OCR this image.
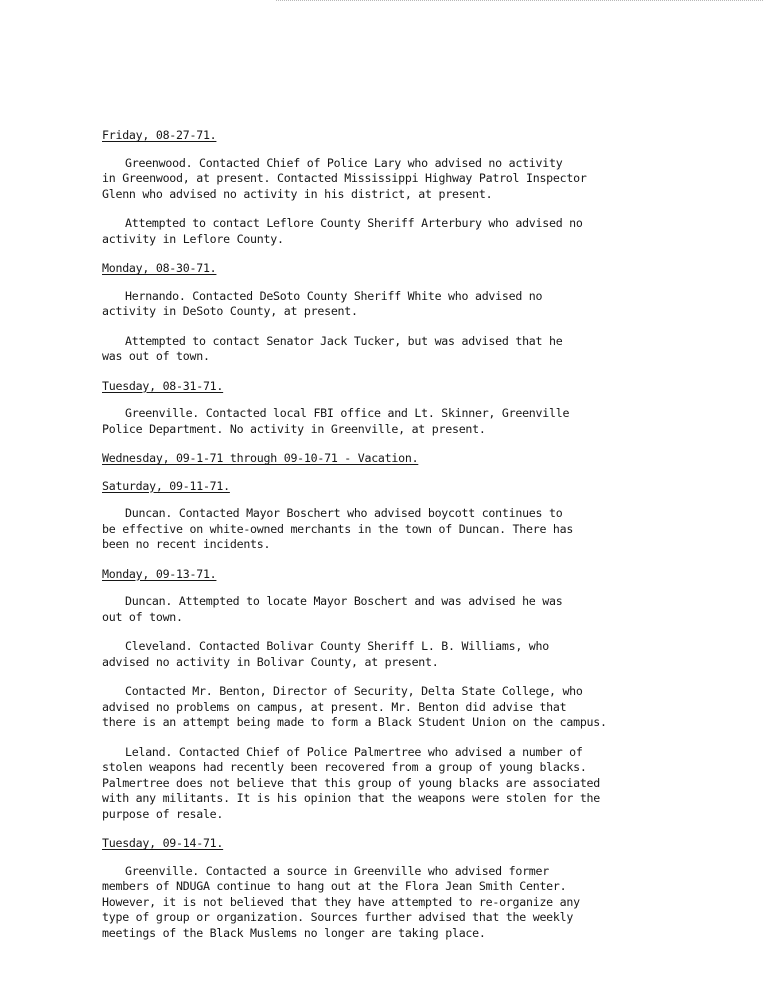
Friday, 08-27-71.

Greenwood. Contacted Chief of Police Lary who advised no activity
in Greenwood, at present. Contacted Mississippi Highway Patrol Inspector
Glenn who advised no activity in his district, at present.

Attempted to contact Leflore County Sheriff Arterbury who advised no
activity in Leflore County.

Monday, 08-30-71.

Hernando. Contacted DeSoto County Sheriff White who advised no
activity in DeSoto County, at present.

Attempted to contact Senator Jack Tucker, but was advised that he
was out of town.

Tuesday, 08-31-71.

Greenville. Contacted local FBI office and Lt. Skinner, Greenville
Police Department. No activity in Greenville, at present.

Wednesday, 09-1-71 through 09-10-71 - Vacation.
Saturday, 09-11-71.

Duncan. Contacted Mayor Boschert who advised boycott continues to
be effective on white-owned merchants in the town of Duncan. There has
been no recent incidents.

Monday, 09-13-71.

Duncan. Attempted to locate Mayor Boschert and was advised he was
out of town.

Cleveland. Contacted Bolivar County Sheriff L. B. Williams, who
advised no activity in Bolivar County, at present.

Contacted Mr. Benton, Director of Security, Delta State College, who
advised no problems on campus, at present. Mr. Benton did advise that
there is an attempt being made to form a Black Student Union on the campus.

Leland. Contacted Chief of Police Palmertree who advised a number of
stolen weapons had recently been recovered from a group of young blacks.
Palmertree does not believe that this group of young blacks are associated
with any militants. It is his opinion that the weapons were stolen for the
purpose of resale.

Tuesday, 09-14-71.

Greenville. Contacted a source in Greenville who advised former
members of NDUGA continue to hang out at the Flora Jean Smith Center.
However, it is not believed that they have attempted to re-organize any
type of group or organization. Sources further advised that the weekly
meetings of the Black Muslems no longer are taking place.
